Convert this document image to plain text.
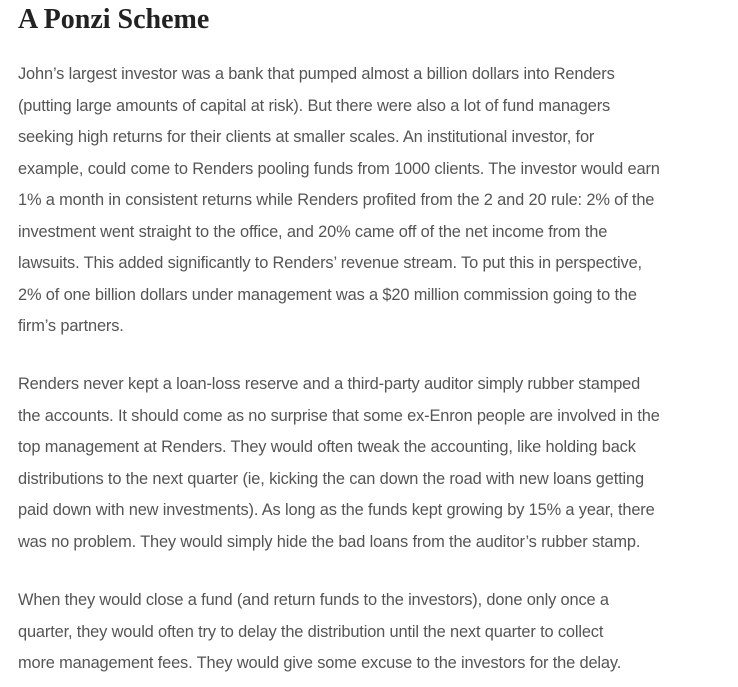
A Ponzi Scheme

John’s largest investor was a bank that pumped almost a billion dollars into Renders
(putting large amounts of capital at risk). But there were also a lot of fund managers
seeking high returns for their clients at smaller scales. An institutional investor, for
example, could come to Renders pooling funds from 1000 clients. The investor would earn
1% a month in consistent returns while Renders profited from the 2 and 20 rule: 2% of the
investment went straight to the office, and 20% came off of the net income from the
lawsuits. This added significantly to Renders’ revenue stream. To put this in perspective,
2% of one billion dollars under management was a $20 million commission going to the
firm’s partners.

Renders never kept a loan-loss reserve and a third-party auditor simply rubber stamped
the accounts. It should come as no surprise that some ex-Enron people are involved in the
top management at Renders. They would often tweak the accounting, like holding back
distributions to the next quarter (ie, kicking the can down the road with new loans getting
paid down with new investments). As long as the funds kept growing by 15% a year, there
was no problem. They would simply hide the bad loans from the auditor’s rubber stamp.

When they would close a fund (and return funds to the investors), done only once a
quarter, they would often try to delay the distribution until the next quarter to collect
more management fees. They would give some excuse to the investors for the delay.
